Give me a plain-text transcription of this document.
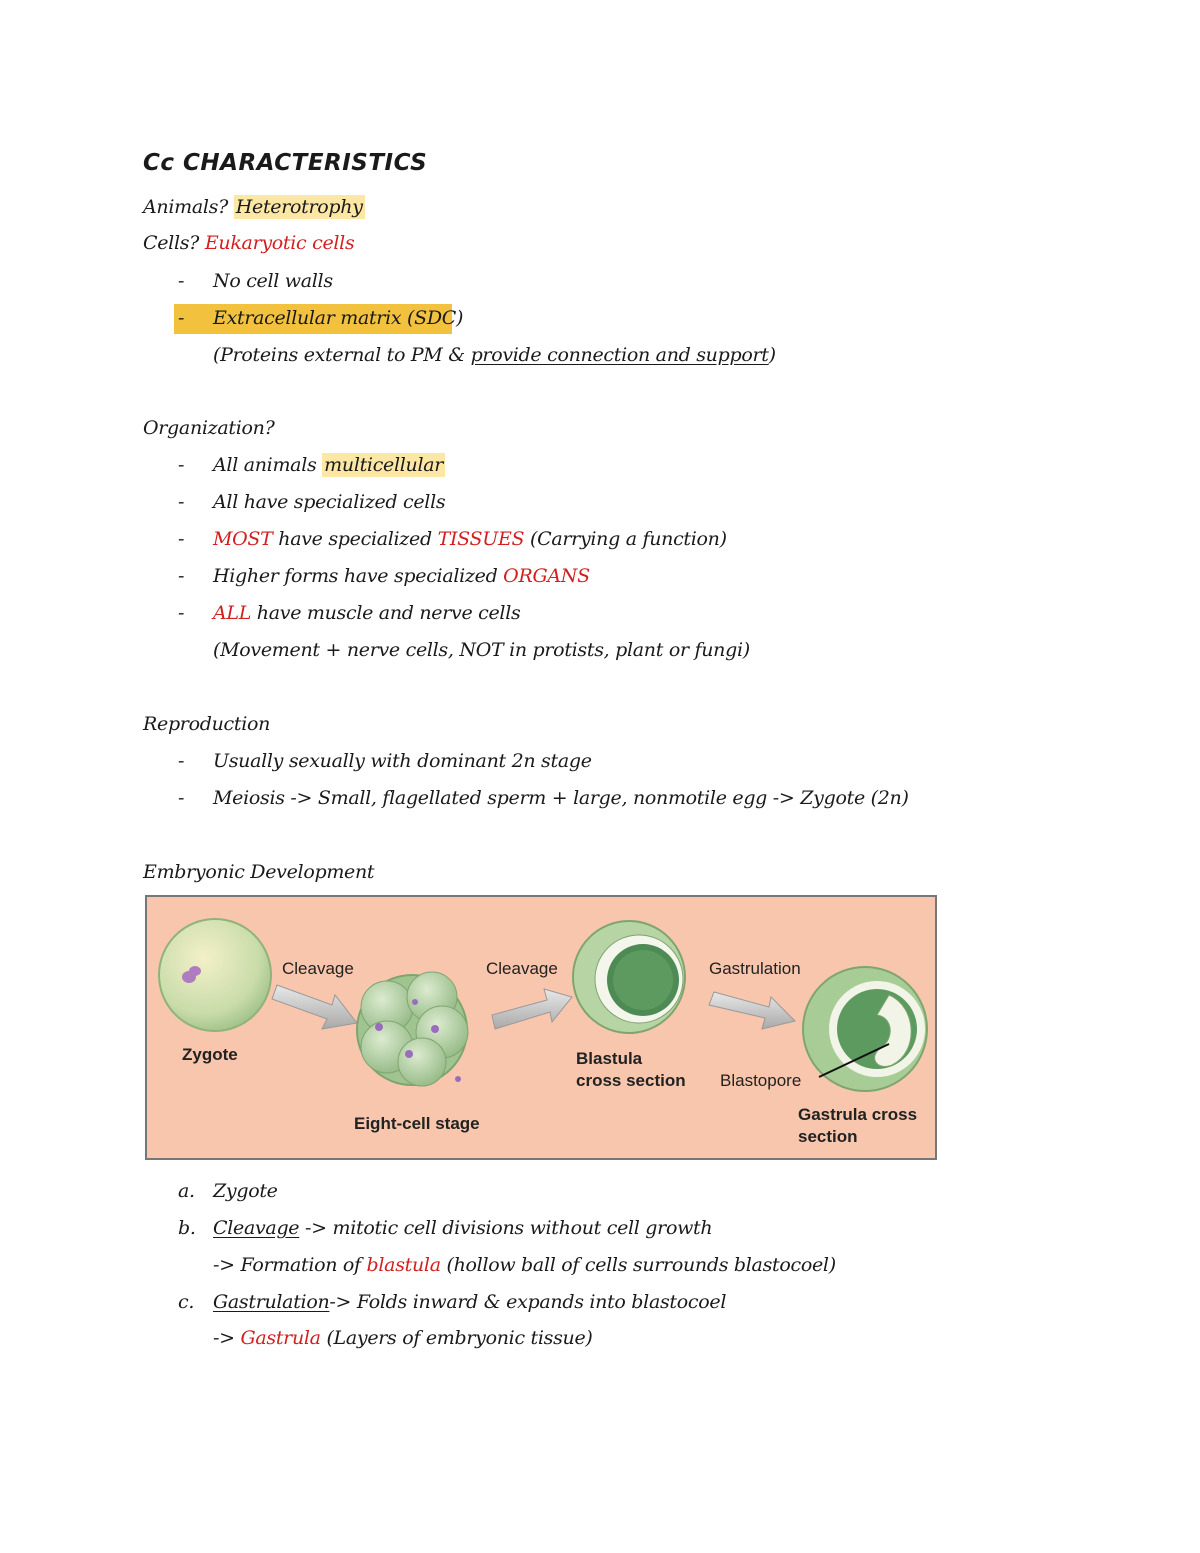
Cc CHARACTERISTICS
Animals? Heterotrophy
Cells? Eukaryotic cells
- No cell walls
- Extracellular matrix (SDC)
(Proteins external to PM & provide connection and support)
Organization?
- All animals multicellular
- All have specialized cells
- MOST have specialized TISSUES (Carrying a function)
- Higher forms have specialized ORGANS
- ALL have muscle and nerve cells
(Movement + nerve cells, NOT in protists, plant or fungi)
Reproduction
- Usually sexually with dominant 2n stage
- Meiosis -> Small, flagellated sperm + large, nonmotile egg -> Zygote (2n)
Embryonic Development
Zygote
Cleavage
Eight-cell stage
Cleavage
Blastula
cross section
Gastrulation
Blastopore
Gastrula cross
section
a. Zygote
b. Cleavage -> mitotic cell divisions without cell growth
-> Formation of blastula (hollow ball of cells surrounds blastocoel)
c. Gastrulation-> Folds inward & expands into blastocoel
-> Gastrula (Layers of embryonic tissue)
